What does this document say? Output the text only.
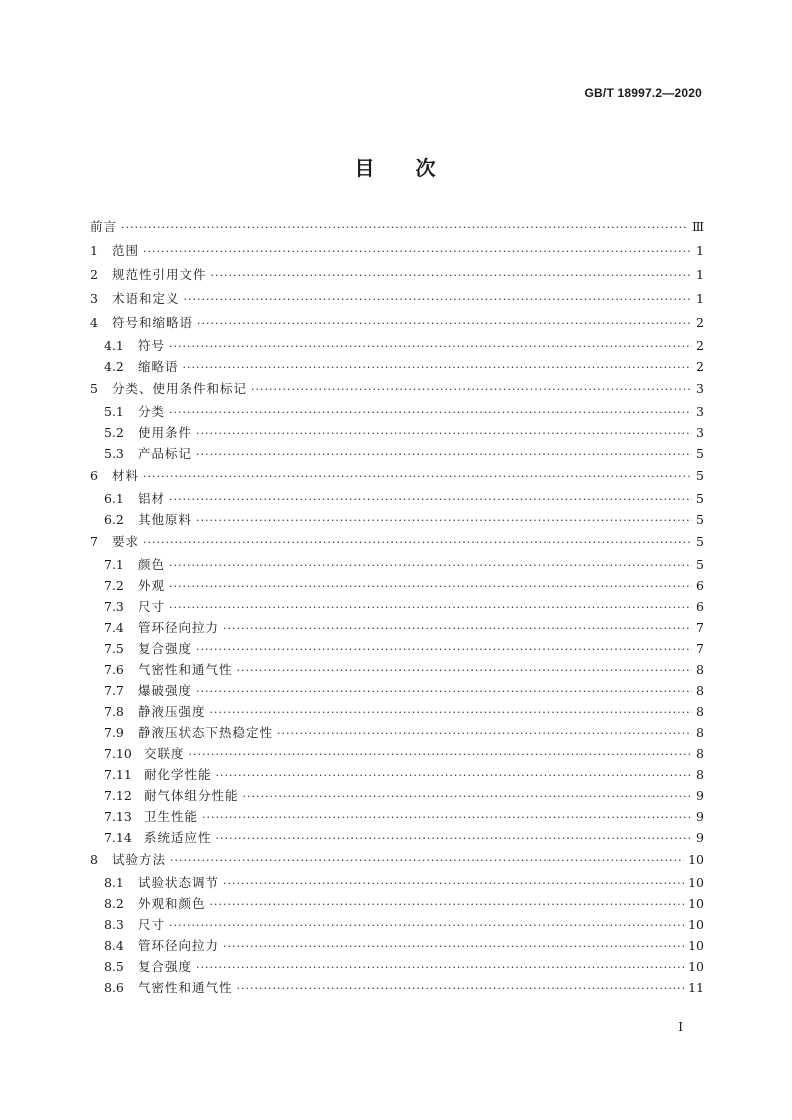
GB/T 18997.2—2020
目 次
前言 ·····	Ⅲ
1	范围 ·····	1
2	规范性引用文件 ·····	1
3	术语和定义 ·····	1
4	符号和缩略语 ·····	2
4.1	符号 ·····	2
4.2	缩略语 ·····	2
5	分类、使用条件和标记 ·····	3
5.1	分类 ·····	3
5.2	使用条件 ·····	3
5.3	产品标记 ·····	5
6	材料 ·····	5
6.1	铝材 ·····	5
6.2	其他原料 ·····	5
7	要求 ·····	5
7.1	颜色 ·····	5
7.2	外观 ·····	6
7.3	尺寸 ·····	6
7.4	管环径向拉力 ·····	7
7.5	复合强度 ·····	7
7.6	气密性和通气性 ·····	8
7.7	爆破强度 ·····	8
7.8	静液压强度 ·····	8
7.9	静液压状态下热稳定性 ·····	8
7.10 交联度 ·····	8
7.11 耐化学性能 ·····	8
7.12 耐气体组分性能 ·····	9
7.13 卫生性能 ·····	9
7.14 系统适应性 ·····	9
8	试验方法 ·····	10
8.1	试验状态调节 ·····	10
8.2	外观和颜色 ·····	10
8.3	尺寸 ·····	10
8.4	管环径向拉力 ·····	10
8.5	复合强度 ·····	10
8.6	气密性和通气性 ·····	11
I
